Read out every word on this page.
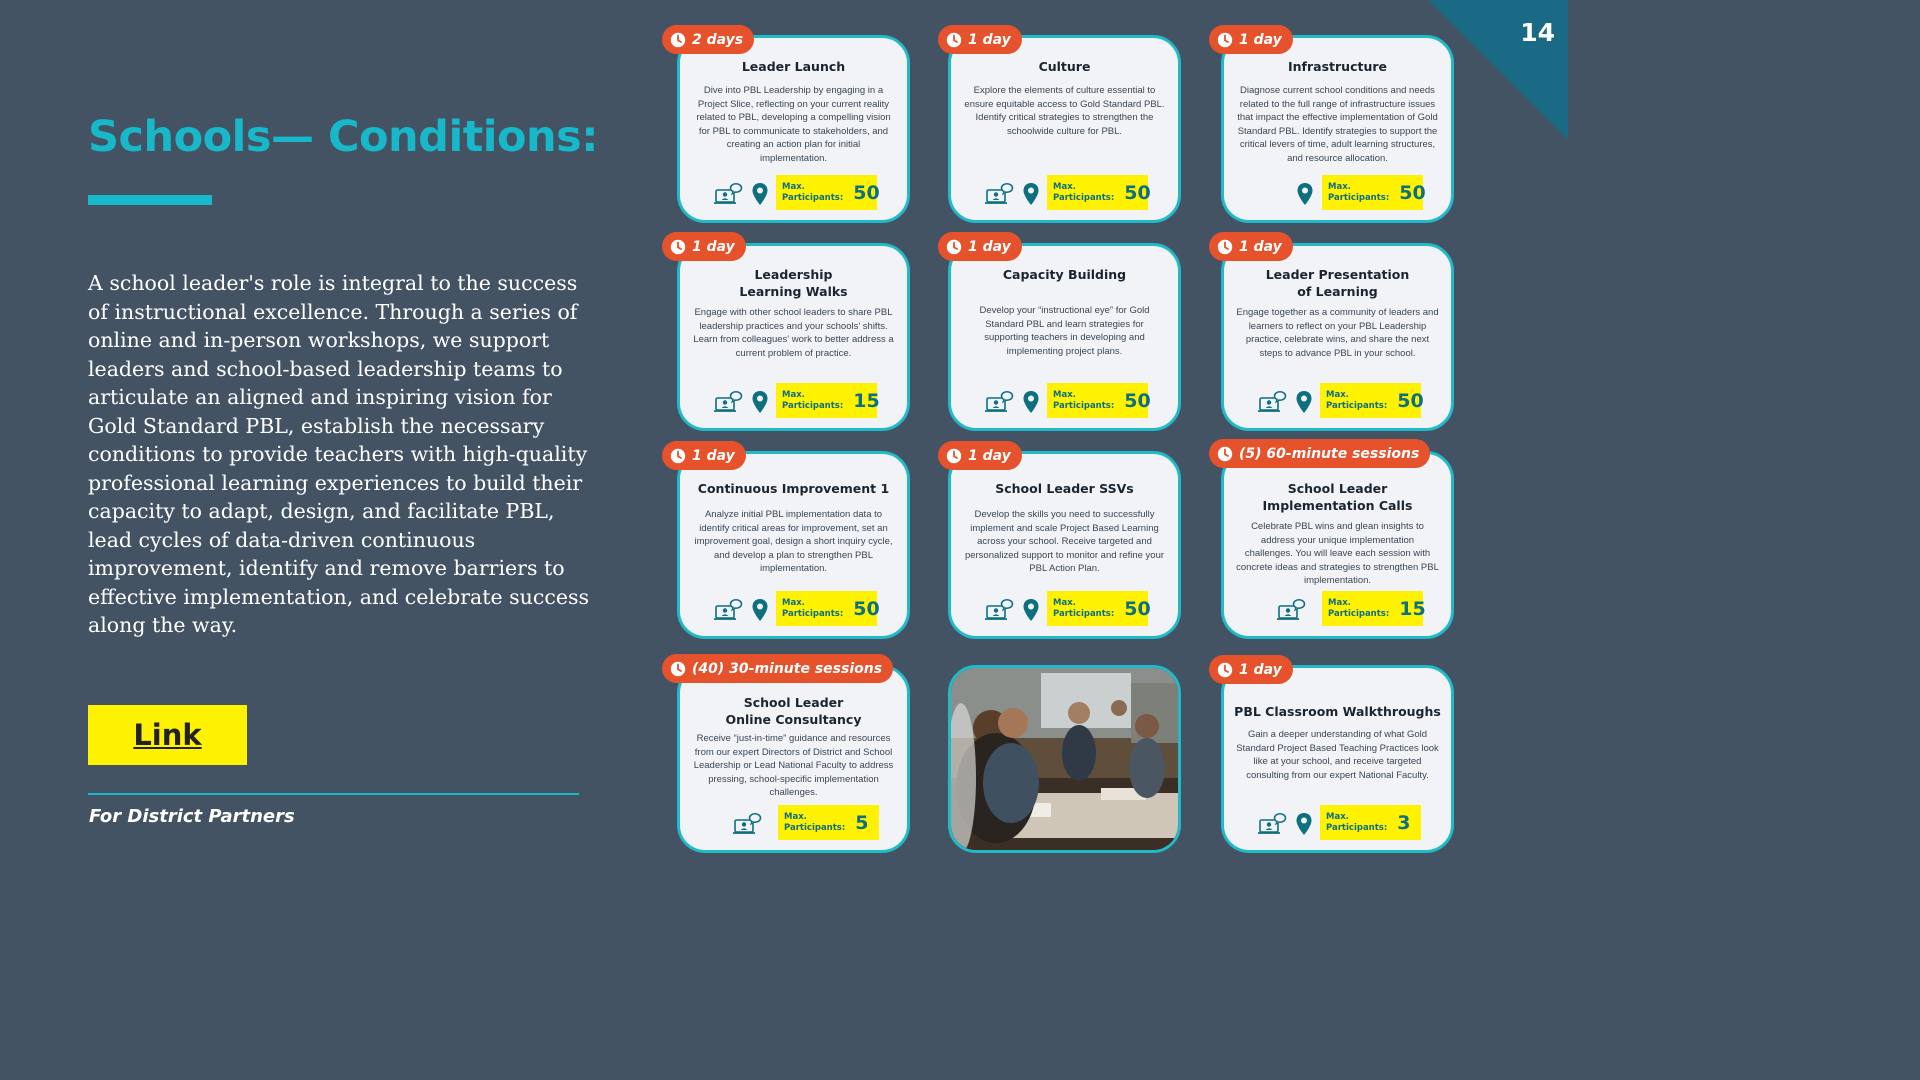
14
Schools— Conditions:
A school leader's role is integral to the success of instructional excellence. Through a series of online and in-person workshops, we support leaders and school-based leadership teams to articulate an aligned and inspiring vision for Gold Standard PBL, establish the necessary conditions to provide teachers with high-quality professional learning experiences to build their capacity to adapt, design, and facilitate PBL, lead cycles of data-driven continuous improvement, identify and remove barriers to effective implementation, and celebrate success along the way.
Link
For District Partners
Leader Launch
Dive into PBL Leadership by engaging in a Project Slice, reflecting on your current reality related to PBL, developing a compelling vision for PBL to communicate to stakeholders, and creating an action plan for initial implementation.
Max.
Participants: 50
2 days
Culture
Explore the elements of culture essential to ensure equitable access to Gold Standard PBL. Identify critical strategies to strengthen the schoolwide culture for PBL.
Max.
Participants: 50
1 day
Infrastructure
Diagnose current school conditions and needs related to the full range of infrastructure issues that impact the effective implementation of Gold Standard PBL. Identify strategies to support the critical levers of time, adult learning structures, and resource allocation.
Max.
Participants: 50
1 day
Leadership
Learning Walks
Engage with other school leaders to share PBL leadership practices and your schools' shifts. Learn from colleagues' work to better address a current problem of practice.
Max.
Participants: 15
1 day
Capacity Building
Develop your “instructional eye” for Gold Standard PBL and learn strategies for supporting teachers in developing and implementing project plans.
Max.
Participants: 50
1 day
Leader Presentation
of Learning
Engage together as a community of leaders and learners to reflect on your PBL Leadership practice, celebrate wins, and share the next steps to advance PBL in your school.
Max.
Participants: 50
1 day
Continuous Improvement 1
Analyze initial PBL implementation data to identify critical areas for improvement, set an improvement goal, design a short inquiry cycle, and develop a plan to strengthen PBL implementation.
Max.
Participants: 50
1 day
School Leader SSVs
Develop the skills you need to successfully implement and scale Project Based Learning across your school. Receive targeted and personalized support to monitor and refine your PBL Action Plan.
Max.
Participants: 50
1 day
School Leader
Implementation Calls
Celebrate PBL wins and glean insights to address your unique implementation challenges. You will leave each session with concrete ideas and strategies to strengthen PBL implementation.
Max.
Participants: 15
(5) 60-minute sessions
School Leader
Online Consultancy
Receive “just-in-time” guidance and resources from our expert Directors of District and School Leadership or Lead National Faculty to address pressing, school-specific implementation challenges.
Max.
Participants: 5
(40) 30-minute sessions
PBL Classroom Walkthroughs
Gain a deeper understanding of what Gold Standard Project Based Teaching Practices look like at your school, and receive targeted consulting from our expert National Faculty.
Max.
Participants: 3
1 day
